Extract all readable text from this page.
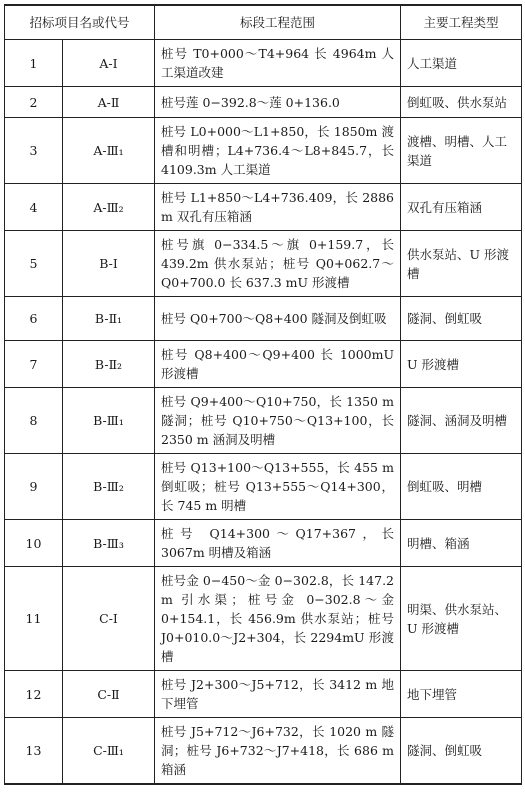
招标项目名或代号		标段工程范围	主要工程类型
1	A-Ⅰ	桩号 T0+000～T4+964 长 4964m 人工渠道改建	人工渠道
2	A-Ⅱ	桩号莲 0−392.8～莲 0+136.0	倒虹吸、供水泵站
3	A-Ⅲ₁	桩号 L0+000～L1+850，长 1850m 渡槽和明槽；L4+736.4～L8+845.7，长 4109.3m 人工渠道	渡槽、明槽、人工渠道
4	A-Ⅲ₂	桩号 L1+850～L4+736.409，长 2886 m 双孔有压箱涵	双孔有压箱涵
5	B-Ⅰ	桩号旗 0−334.5～旗 0+159.7，长 439.2m 供水泵站；桩号 Q0+062.7～Q0+700.0 长 637.3 mU 形渡槽	供水泵站、U 形渡槽
6	B-Ⅱ₁	桩号 Q0+700～Q8+400 隧洞及倒虹吸	隧洞、倒虹吸
7	B-Ⅱ₂	桩号 Q8+400～Q9+400 长 1000mU 形渡槽	U 形渡槽
8	B-Ⅲ₁	桩号 Q9+400～Q10+750，长 1350 m 隧洞；桩号 Q10+750～Q13+100，长 2350 m 涵洞及明槽	隧洞、涵洞及明槽
9	B-Ⅲ₂	桩号 Q13+100～Q13+555，长 455 m 倒虹吸；桩号 Q13+555～Q14+300，长 745 m 明槽	倒虹吸、明槽
10	B-Ⅲ₃	桩号 Q14+300～Q17+367，长 3067m 明槽及箱涵	明槽、箱涵
11	C-Ⅰ	桩号金 0−450～金 0−302.8，长 147.2 m 引水渠；桩号金 0−302.8～金 0+154.1，长 456.9m 供水泵站；桩号 J0+010.0～J2+304，长 2294mU 形渡槽	明渠、供水泵站、U 形渡槽
12	C-Ⅱ	桩号 J2+300～J5+712，长 3412 m 地下埋管	地下埋管
13	C-Ⅲ₁	桩号 J5+712～J6+732，长 1020 m 隧洞；桩号 J6+732～J7+418，长 686 m 箱涵	隧洞、倒虹吸
